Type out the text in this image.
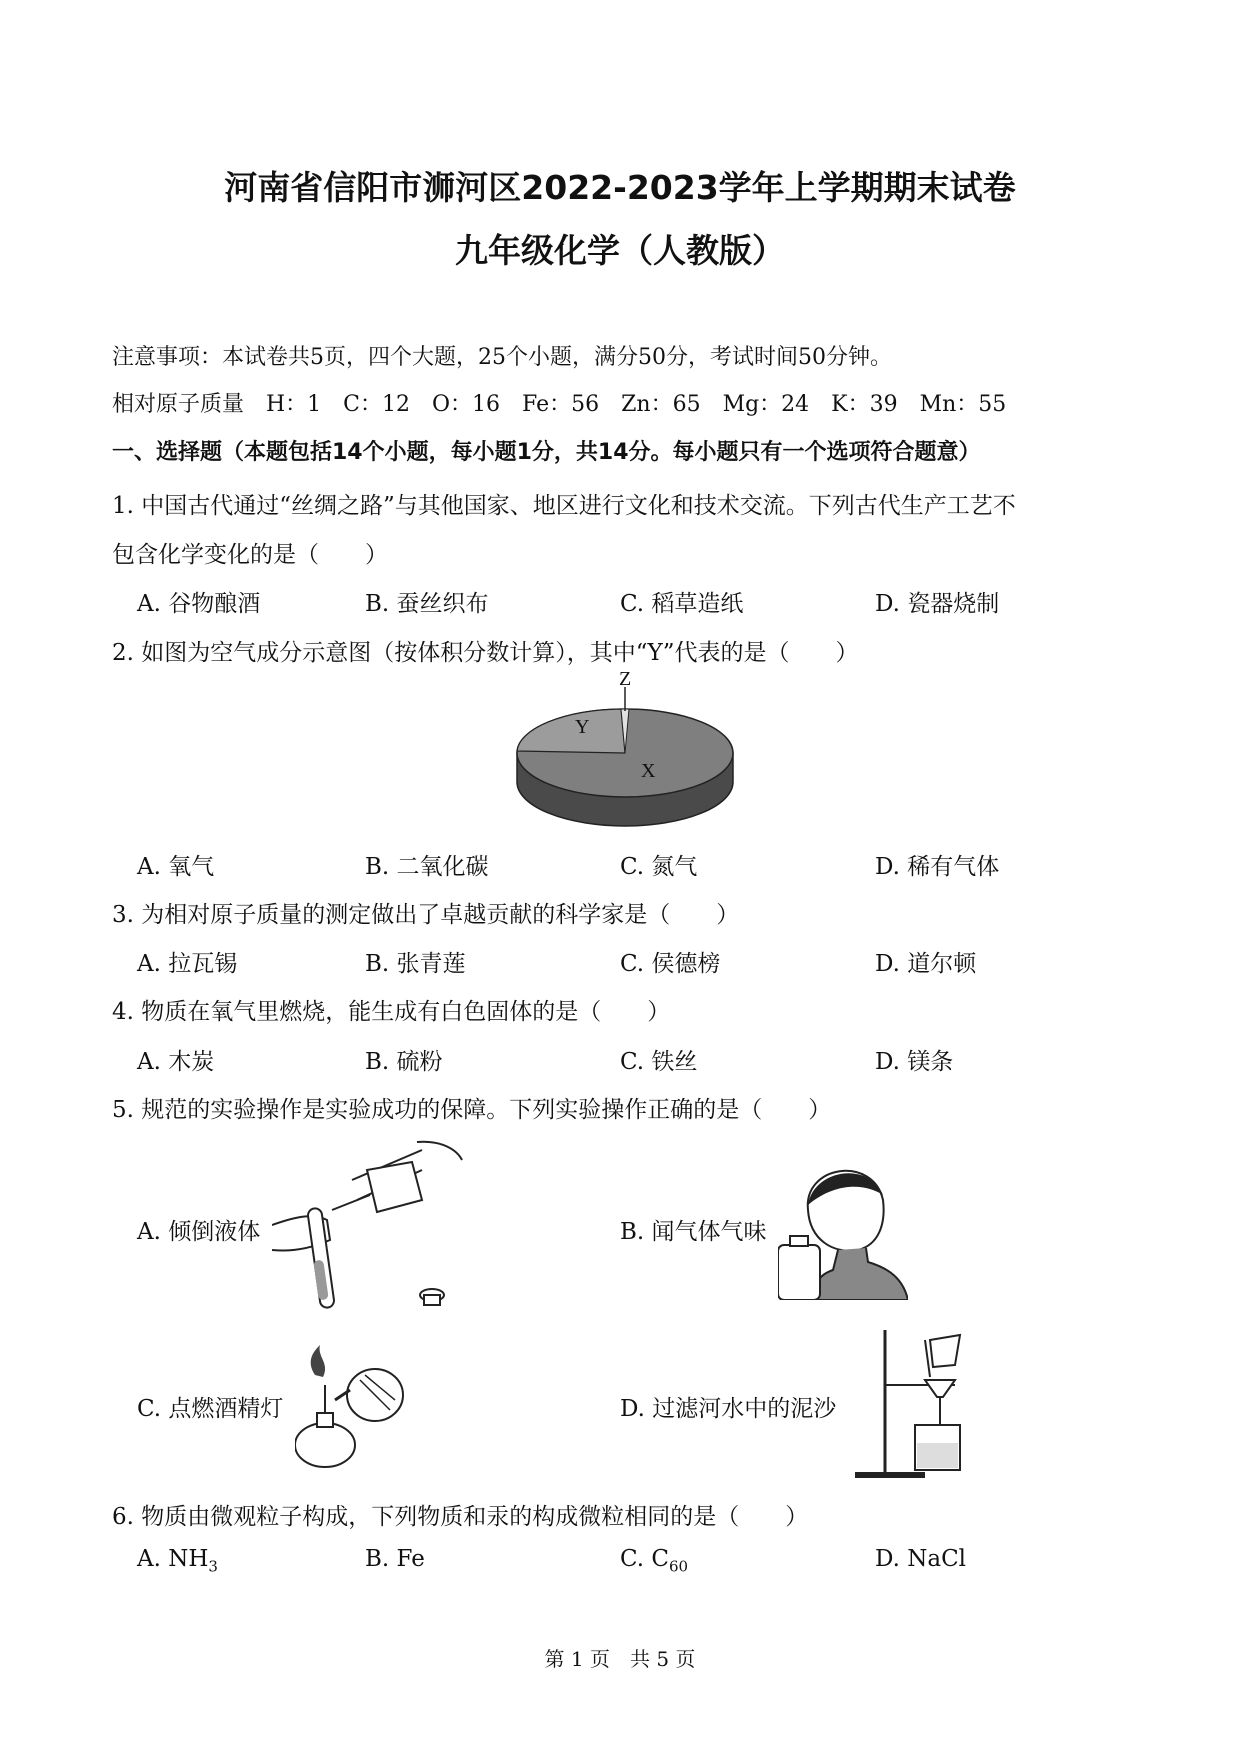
河南省信阳市浉河区2022-2023学年上学期期末试卷
九年级化学（人教版）
注意事项：本试卷共5页，四个大题，25个小题，满分50分，考试时间50分钟。
相对原子质量　H：1　C：12　O：16　Fe：56　Zn：65　Mg：24　K：39　Mn：55
一、选择题（本题包括14个小题，每小题1分，共14分。每小题只有一个选项符合题意）
1. 中国古代通过“丝绸之路”与其他国家、地区进行文化和技术交流。下列古代生产工艺不
包含化学变化的是（　　）
A. 谷物酿酒	B. 蚕丝织布	C. 稻草造纸	D. 瓷器烧制
2. 如图为空气成分示意图（按体积分数计算），其中“Y”代表的是（　　）
Z
Y
X
A. 氧气	B. 二氧化碳	C. 氮气	D. 稀有气体
3. 为相对原子质量的测定做出了卓越贡献的科学家是（　　）
A. 拉瓦锡	B. 张青莲	C. 侯德榜	D. 道尔顿
4. 物质在氧气里燃烧，能生成有白色固体的是（　　）
A. 木炭	B. 硫粉	C. 铁丝	D. 镁条
5. 规范的实验操作是实验成功的保障。下列实验操作正确的是（　　）
A. 倾倒液体	B. 闻气体气味
C. 点燃酒精灯	D. 过滤河水中的泥沙
6. 物质由微观粒子构成，下列物质和汞的构成微粒相同的是（　　）
A. $NH_3$	B. Fe	C. $C_{60}$	D. NaCl
第 1 页　共 5 页
